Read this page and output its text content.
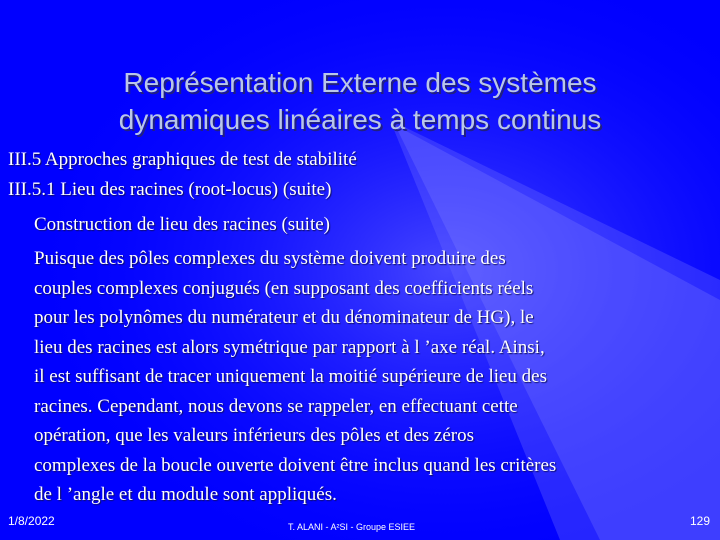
Représentation Externe des systèmes
dynamiques linéaires à temps continus
III.5 Approches graphiques de test de stabilité
III.5.1 Lieu des racines (root-locus) (suite)
Construction de lieu des racines (suite)
Puisque des pôles complexes du système doivent produire des
couples complexes conjugués (en supposant des coefficients réels
pour les polynômes du numérateur et du dénominateur de HG), le
lieu des racines est alors symétrique par rapport à l ’axe réal. Ainsi,
il est suffisant de tracer uniquement la moitié supérieure de lieu des
racines. Cependant, nous devons se rappeler, en effectuant cette
opération, que les valeurs inférieurs des pôles et des zéros
complexes de la boucle ouverte doivent être inclus quand les critères
de l ’angle et du module sont appliqués.
1/8/2022	T. ALANI - A²SI - Groupe ESIEE	129
